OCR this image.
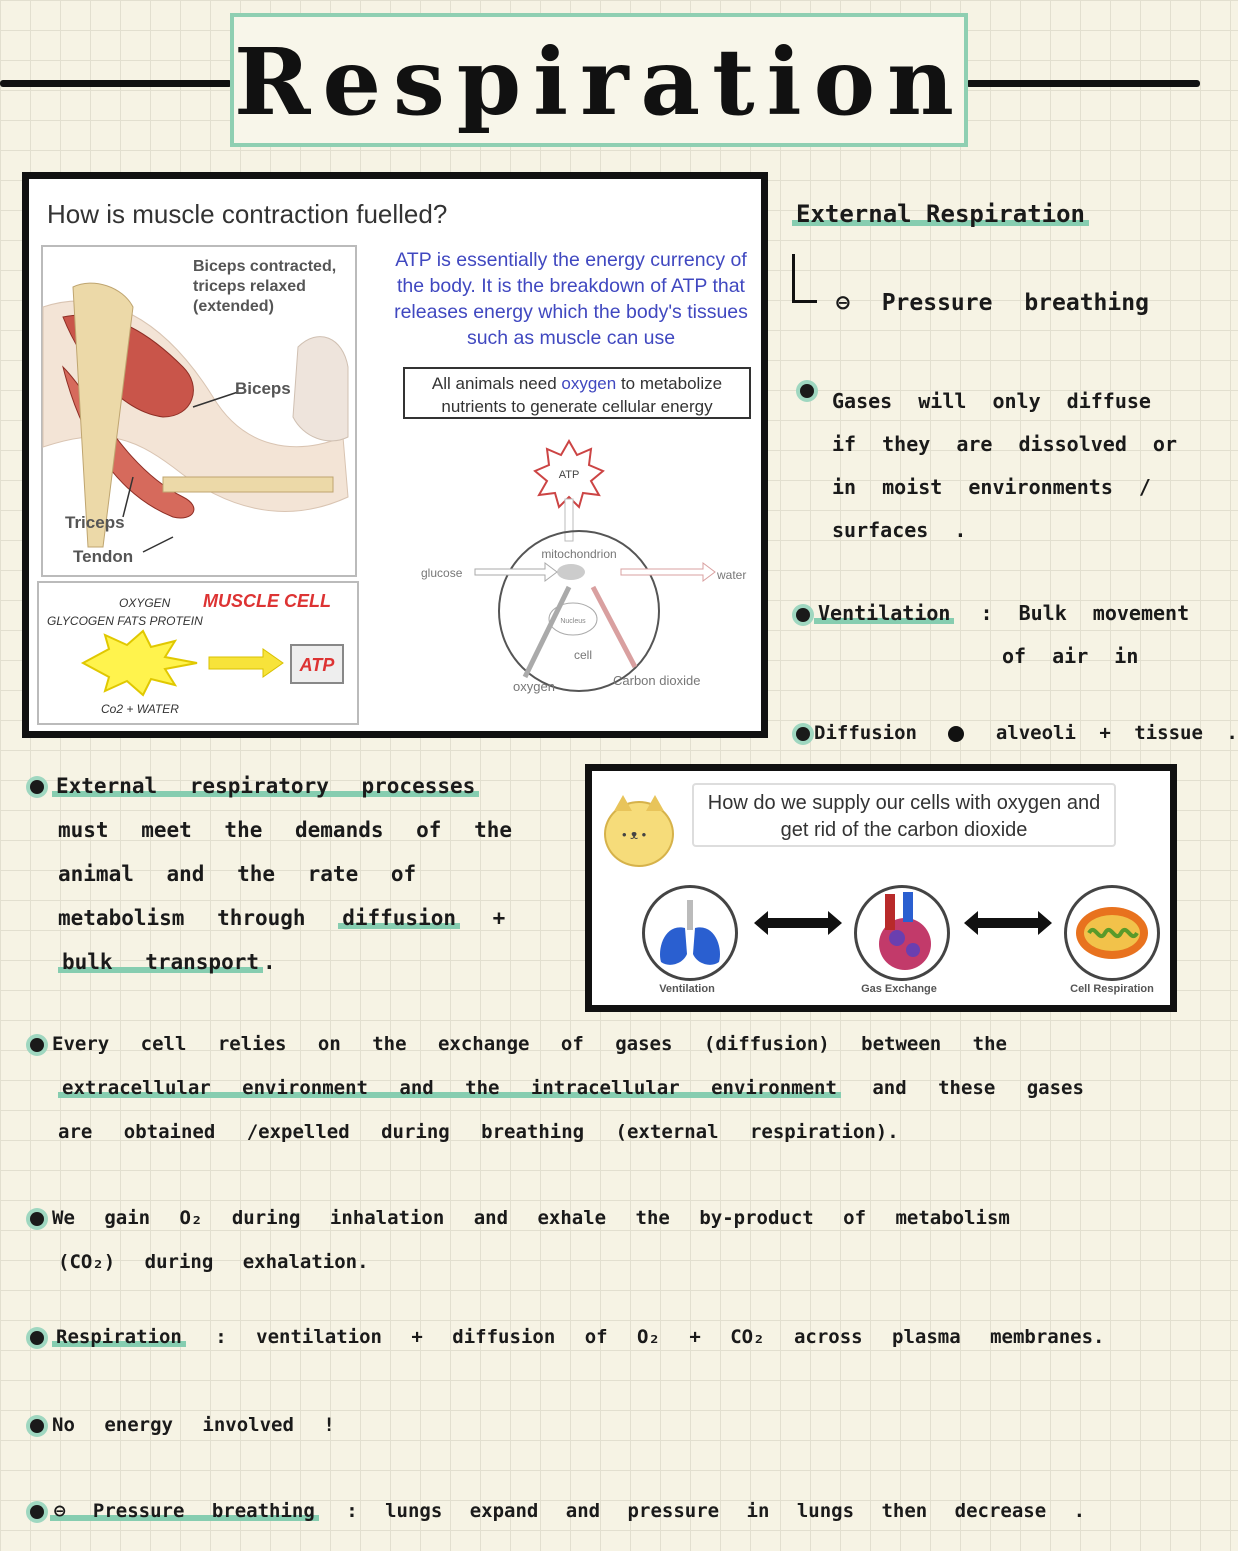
Respiration
How is muscle contraction fuelled?
Biceps contracted,
triceps relaxed
(extended)
Biceps
Triceps
Tendon
ATP is essentially the energy currency of the body. It is the breakdown of ATP that releases energy which the body's tissues such as muscle can use
All animals need oxygen to metabolize nutrients to generate cellular energy
ATP
mitochondrion
Nucleus
cell
glucose	water
oxygen	Carbon dioxide
OXYGEN MUSCLE CELL
GLYCOGEN FATS PROTEIN
ATP
Co2 + WATER
External Respiration
⊖ Pressure breathing
Gases will only diffuse
if they are dissolved or
in moist environments /
surfaces .
Ventilation : Bulk movement
of air in
Diffusion	alveoli + tissue .
External respiratory processes
must meet the demands of the
animal and the rate of
metabolism through diffusion +
bulk transport .
• ᴥ •
How do we supply our cells with oxygen and get rid of the carbon dioxide
Ventilation	Gas Exchange	Cell Respiration
Every cell relies on the exchange of gases (diffusion) between the
extracellular environment and the intracellular environment and these gases
are obtained /expelled during breathing (external respiration).
We gain O₂ during inhalation and exhale the by-product of metabolism
(CO₂) during exhalation.
Respiration : ventilation + diffusion of O₂ + CO₂ across plasma membranes.
No energy involved !
⊖ Pressure breathing : lungs expand and pressure in lungs then decrease .
